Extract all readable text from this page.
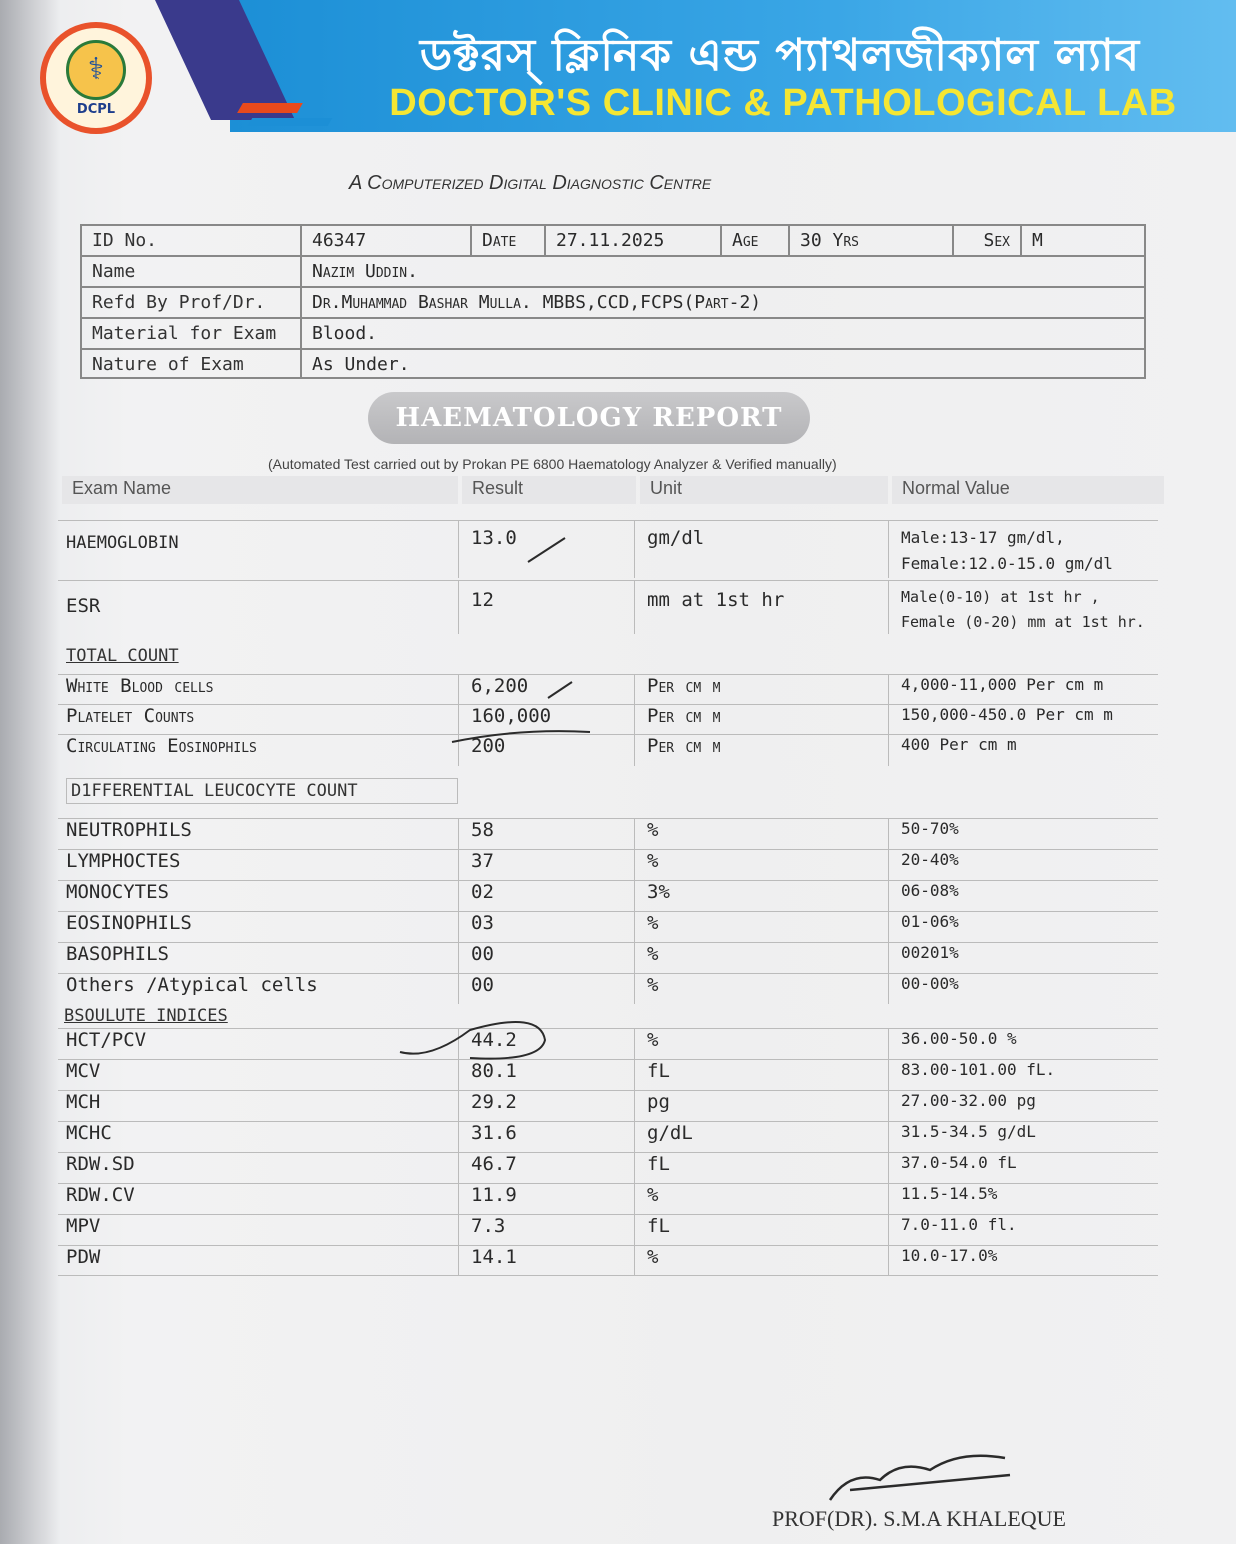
⚕
DCPL
ডক্টরস্ ক্লিনিক এন্ড প্যাথলজীক্যাল ল্যাব
DOCTOR'S CLINIC & PATHOLOGICAL LAB
A Computerized Digital Diagnostic Centre
ID No.	46347	Date	27.11.2025	Age	30 Yrs	Sex	M
Name	Nazim Uddin.
Refd By Prof/Dr.	Dr.Muhammad Bashar Mulla. MBBS,CCD,FCPS(Part-2)
Material for Exam	Blood.
Nature of Exam	As Under.
HAEMATOLOGY REPORT
(Automated Test carried out by Prokan PE 6800 Haematology Analyzer & Verified manually)
Exam Name	Result	Unit	Normal Value
HAEMOGLOBIN	13.0	gm/dl	Male:13-17 gm/dl,
Female:12.0-15.0 gm/dl
ESR	12	mm at 1st hr	Male(0-10) at 1st hr ,
Female (0-20) mm at 1st hr.
TOTAL COUNT
White Blood cells	6,200	Per cm m	4,000-11,000 Per cm m
Platelet Counts	160,000	Per cm m	150,000-450.0 Per cm m
Circulating Eosinophils	200	Per cm m	400 Per cm m
D1FFERENTIAL LEUCOCYTE COUNT
NEUTROPHILS	58	%	50-70%
LYMPHOCTES	37	%	20-40%
MONOCYTES	02	3%	06-08%
EOSINOPHILS	03	%	01-06%
BASOPHILS	00	%	00201%
Others /Atypical cells	00	%	00-00%
BSOULUTE INDICES
HCT/PCV	44.2	%	36.00-50.0 %
MCV	80.1	fL	83.00-101.00 fL.
MCH	29.2	pg	27.00-32.00 pg
MCHC	31.6	g/dL	31.5-34.5 g/dL
RDW.SD	46.7	fL	37.0-54.0 fL
RDW.CV	11.9	%	11.5-14.5%
MPV	7.3	fL	7.0-11.0 fl.
PDW	14.1	%	10.0-17.0%
PROF(DR). S.M.A KHALEQUE
